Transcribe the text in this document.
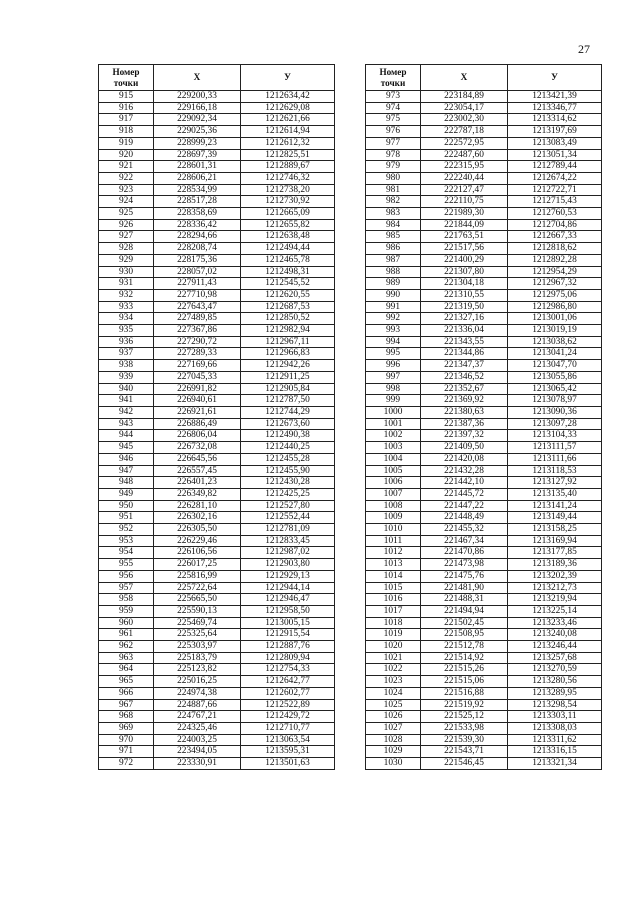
27
Номер
точки	Х	У
915	229200,33	1212634,42
916	229166,18	1212629,08
917	229092,34	1212621,66
918	229025,36	1212614,94
919	228999,23	1212612,32
920	228697,39	1212825,51
921	228601,31	1212889,67
922	228606,21	1212746,32
923	228534,99	1212738,20
924	228517,28	1212730,92
925	228358,69	1212665,09
926	228336,42	1212655,82
927	228294,66	1212638,48
928	228208,74	1212494,44
929	228175,36	1212465,78
930	228057,02	1212498,31
931	227911,43	1212545,52
932	227710,98	1212620,55
933	227643,47	1212687,53
934	227489,85	1212850,52
935	227367,86	1212982,94
936	227290,72	1212967,11
937	227289,33	1212966,83
938	227169,66	1212942,26
939	227045,33	1212911,25
940	226991,82	1212905,84
941	226940,61	1212787,50
942	226921,61	1212744,29
943	226886,49	1212673,60
944	226806,04	1212490,38
945	226732,08	1212440,25
946	226645,56	1212455,28
947	226557,45	1212455,90
948	226401,23	1212430,28
949	226349,82	1212425,25
950	226281,10	1212527,80
951	226302,16	1212552,44
952	226305,50	1212781,09
953	226229,46	1212833,45
954	226106,56	1212987,02
955	226017,25	1212903,80
956	225816,99	1212929,13
957	225722,64	1212944,14
958	225665,50	1212946,47
959	225590,13	1212958,50
960	225469,74	1213005,15
961	225325,64	1212915,54
962	225303,97	1212887,76
963	225183,79	1212809,94
964	225123,82	1212754,33
965	225016,25	1212642,77
966	224974,38	1212602,77
967	224887,66	1212522,89
968	224767,21	1212429,72
969	224325,46	1212710,77
970	224003,25	1213063,54
971	223494,05	1213595,31
972	223330,91	1213501,63
Номер
точки	Х	У
973	223184,89	1213421,39
974	223054,17	1213346,77
975	223002,30	1213314,62
976	222787,18	1213197,69
977	222572,95	1213083,49
978	222487,60	1213051,34
979	222315,95	1212789,44
980	222240,44	1212674,22
981	222127,47	1212722,71
982	222110,75	1212715,43
983	221989,30	1212760,53
984	221844,09	1212704,86
985	221763,51	1212667,33
986	221517,56	1212818,62
987	221400,29	1212892,28
988	221307,80	1212954,29
989	221304,18	1212967,32
990	221310,55	1212975,06
991	221319,50	1212986,80
992	221327,16	1213001,06
993	221336,04	1213019,19
994	221343,55	1213038,62
995	221344,86	1213041,24
996	221347,37	1213047,70
997	221346,52	1213055,86
998	221352,67	1213065,42
999	221369,92	1213078,97
1000	221380,63	1213090,36
1001	221387,36	1213097,28
1002	221397,32	1213104,33
1003	221409,50	1213111,57
1004	221420,08	1213111,66
1005	221432,28	1213118,53
1006	221442,10	1213127,92
1007	221445,72	1213135,40
1008	221447,22	1213141,24
1009	221448,49	1213149,44
1010	221455,32	1213158,25
1011	221467,34	1213169,94
1012	221470,86	1213177,85
1013	221473,98	1213189,36
1014	221475,76	1213202,39
1015	221481,90	1213212,73
1016	221488,31	1213219,94
1017	221494,94	1213225,14
1018	221502,45	1213233,46
1019	221508,95	1213240,08
1020	221512,78	1213246,44
1021	221514,92	1213257,68
1022	221515,26	1213270,59
1023	221515,06	1213280,56
1024	221516,88	1213289,95
1025	221519,92	1213298,54
1026	221525,12	1213303,11
1027	221533,98	1213308,03
1028	221539,30	1213311,62
1029	221543,71	1213316,15
1030	221546,45	1213321,34
